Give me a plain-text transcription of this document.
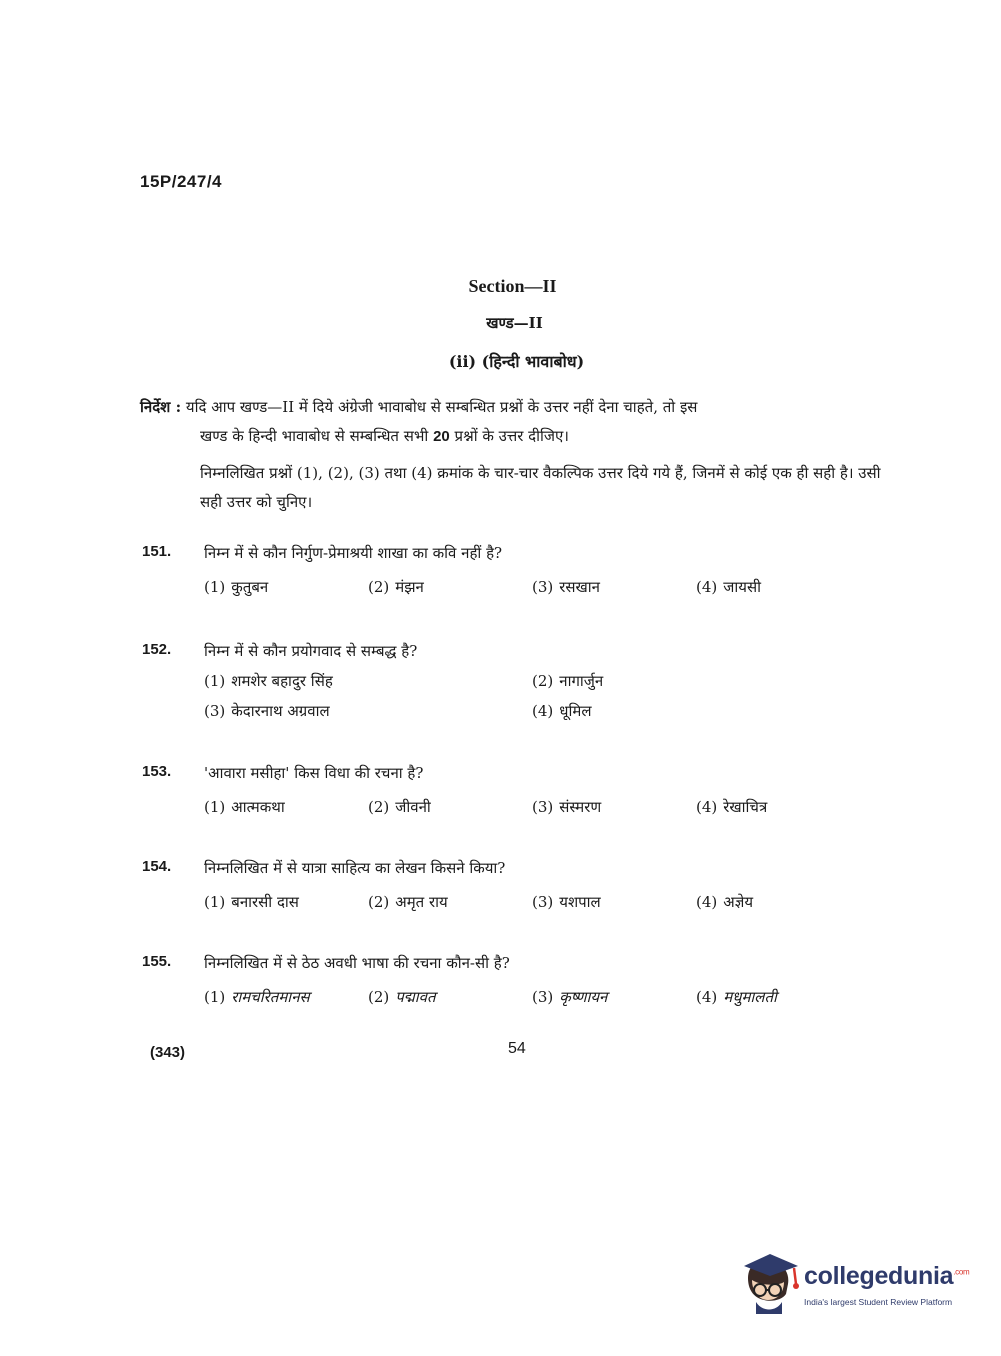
15P/247/4
Section—II
खण्ड—II
(ii) (हिन्दी भावाबोध)

निर्देश : यदि आप खण्ड—II में दिये अंग्रेजी भावाबोध से सम्बन्धित प्रश्नों के उत्तर नहीं देना चाहते, तो इस
खण्ड के हिन्दी भावाबोध से सम्बन्धित सभी 20 प्रश्नों के उत्तर दीजिए।

निम्नलिखित प्रश्नों (1), (2), (3) तथा (4) क्रमांक के चार-चार वैकल्पिक उत्तर दिये गये हैं, जिनमें से कोई एक ही सही है। उसी सही उत्तर को चुनिए।

151.	निम्न में से कौन निर्गुण-प्रेमाश्रयी शाखा का कवि नहीं है?
(1) कुतुबन	(2) मंझन	(3) रसखान	(4) जायसी
152.	निम्न में से कौन प्रयोगवाद से सम्बद्ध है?
(1) शमशेर बहादुर सिंह	(2) नागार्जुन
(3) केदारनाथ अग्रवाल	(4) धूमिल
153.	'आवारा मसीहा' किस विधा की रचना है?
(1) आत्मकथा	(2) जीवनी	(3) संस्मरण	(4) रेखाचित्र
154.	निम्नलिखित में से यात्रा साहित्य का लेखन किसने किया?
(1) बनारसी दास	(2) अमृत राय	(3) यशपाल	(4) अज्ञेय
155.	निम्नलिखित में से ठेठ अवधी भाषा की रचना कौन-सी है?
(1) रामचरितमानस	(2) पद्मावत	(3) कृष्णायन	(4) मधुमालती
(343)	54
collegedunia$^{.com}$
India's largest Student Review Platform
